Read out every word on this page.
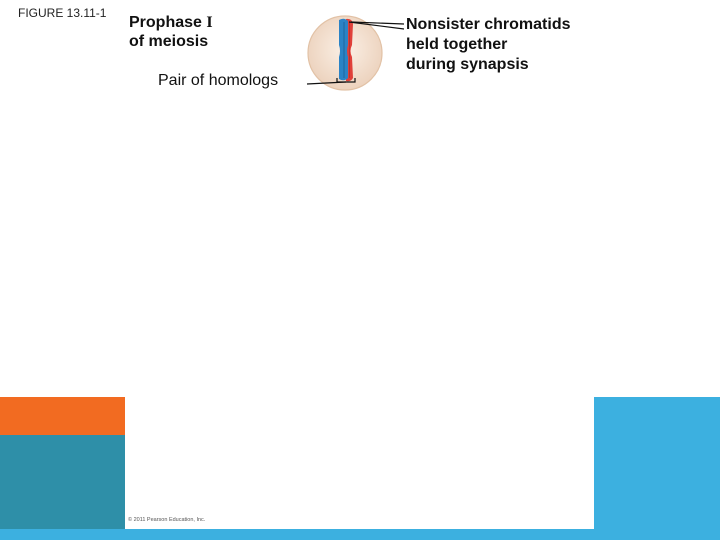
FIGURE 13.11-1
Prophase I
of meiosis
Pair of homologs
Nonsister chromatids
held together
during synapsis
© 2011 Pearson Education, Inc.
